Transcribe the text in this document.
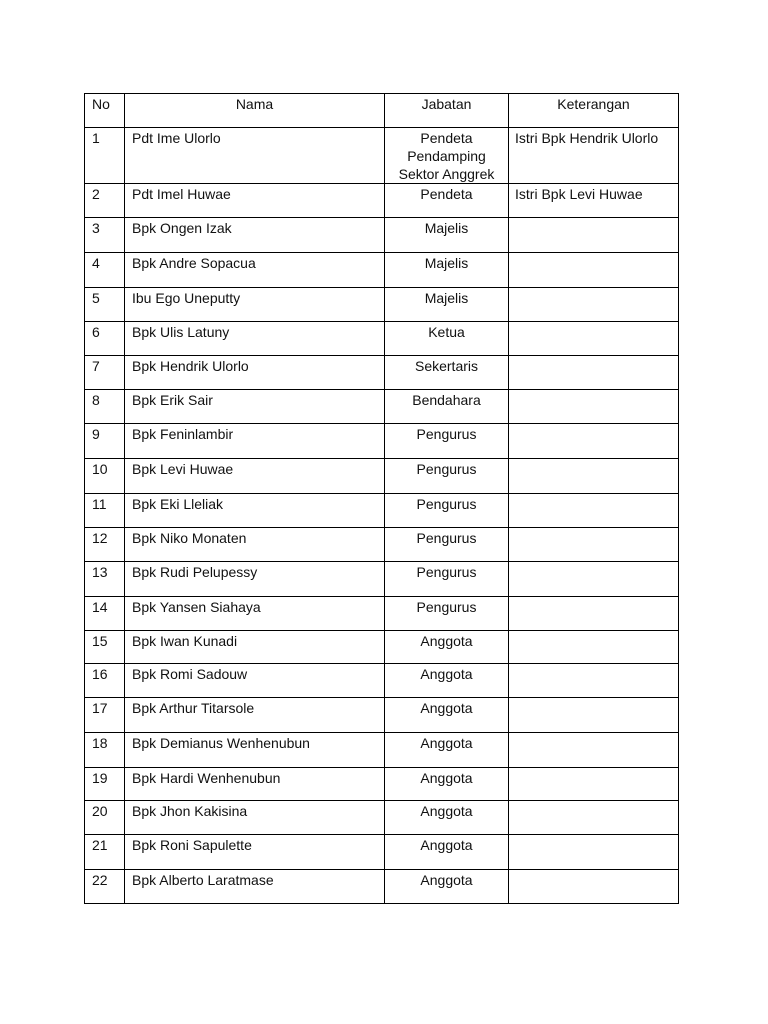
No	Nama	Jabatan	Keterangan
1	Pdt Ime Ulorlo	Pendeta Pendamping Sektor Anggrek	Istri Bpk Hendrik Ulorlo
2	Pdt Imel Huwae	Pendeta	Istri Bpk Levi Huwae
3	Bpk Ongen Izak	Majelis	
4	Bpk Andre Sopacua	Majelis	
5	Ibu Ego Uneputty	Majelis	
6	Bpk Ulis Latuny	Ketua	
7	Bpk Hendrik Ulorlo	Sekertaris	
8	Bpk Erik Sair	Bendahara	
9	Bpk Feninlambir	Pengurus	
10	Bpk Levi Huwae	Pengurus	
11	Bpk Eki Lleliak	Pengurus	
12	Bpk Niko Monaten	Pengurus	
13	Bpk Rudi Pelupessy	Pengurus	
14	Bpk Yansen Siahaya	Pengurus	
15	Bpk Iwan Kunadi	Anggota	
16	Bpk Romi Sadouw	Anggota	
17	Bpk Arthur Titarsole	Anggota	
18	Bpk Demianus Wenhenubun	Anggota	
19	Bpk Hardi Wenhenubun	Anggota	
20	Bpk Jhon Kakisina	Anggota	
21	Bpk Roni Sapulette	Anggota	
22	Bpk Alberto Laratmase	Anggota	
